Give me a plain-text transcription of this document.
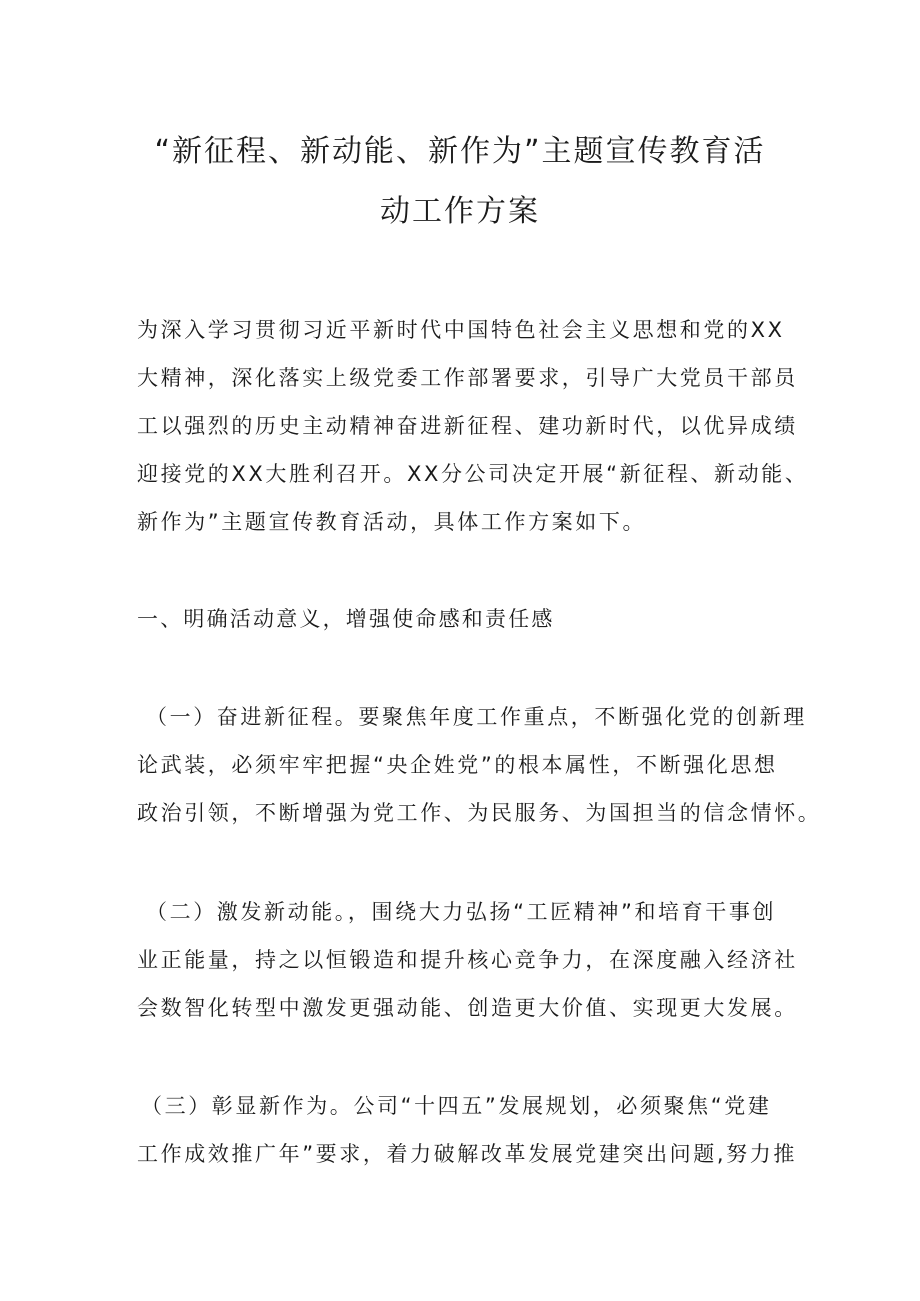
“新征程、新动能、新作为”主题宣传教育活
动工作方案
为深入学习贯彻习近平新时代中国特色社会主义思想和党的XX
大精神，深化落实上级党委工作部署要求，引导广大党员干部员
工以强烈的历史主动精神奋进新征程、建功新时代，以优异成绩
迎接党的XX大胜利召开。XX分公司决定开展“新征程、新动能、
新作为”主题宣传教育活动，具体工作方案如下。
一、明确活动意义，增强使命感和责任感
（一）奋进新征程。要聚焦年度工作重点，不断强化党的创新理
论武装，必须牢牢把握“央企姓党”的根本属性，不断强化思想
政治引领，不断增强为党工作、为民服务、为国担当的信念情怀。
（二）激发新动能。，围绕大力弘扬“工匠精神”和培育干事创
业正能量，持之以恒锻造和提升核心竞争力，在深度融入经济社
会数智化转型中激发更强动能、创造更大价值、实现更大发展。
（三）彰显新作为。公司“十四五”发展规划，必须聚焦“党建
工作成效推广年”要求，着力破解改革发展党建突出问题,努力推
